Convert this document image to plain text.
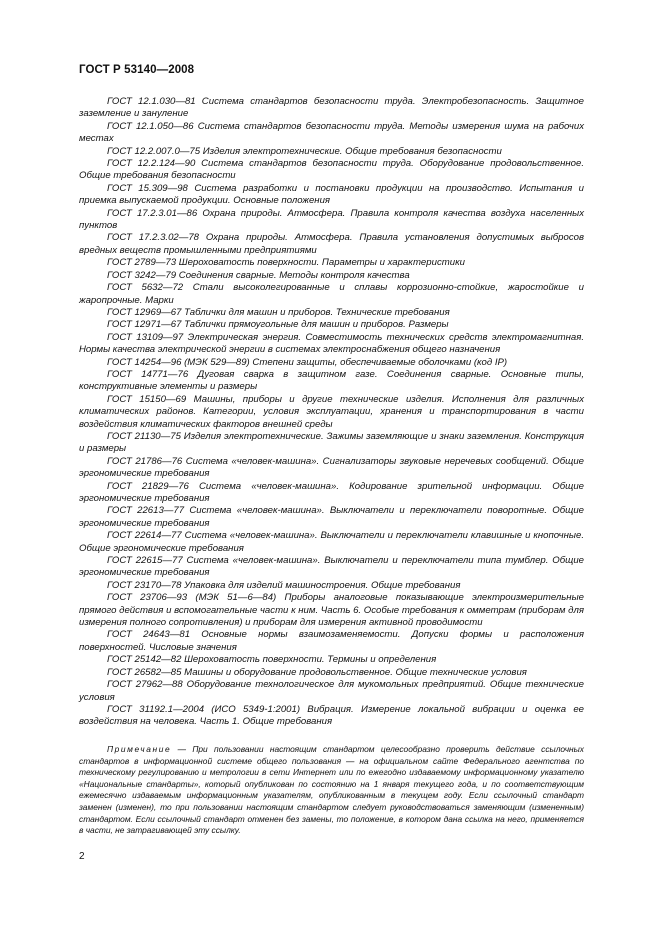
ГОСТ Р 53140—2008

ГОСТ 12.1.030—81 Система стандартов безопасности труда. Электробезопасность. Защитное заземление и зануление

ГОСТ 12.1.050—86 Система стандартов безопасности труда. Методы измерения шума на рабочих местах

ГОСТ 12.2.007.0—75 Изделия электротехнические. Общие требования безопасности

ГОСТ 12.2.124—90 Система стандартов безопасности труда. Оборудование продовольственное. Общие требования безопасности

ГОСТ 15.309—98 Система разработки и постановки продукции на производство. Испытания и приемка выпускаемой продукции. Основные положения

ГОСТ 17.2.3.01—86 Охрана природы. Атмосфера. Правила контроля качества воздуха населенных пунктов

ГОСТ 17.2.3.02—78 Охрана природы. Атмосфера. Правила установления допустимых выбросов вредных веществ промышленными предприятиями

ГОСТ 2789—73 Шероховатость поверхности. Параметры и характеристики

ГОСТ 3242—79 Соединения сварные. Методы контроля качества

ГОСТ 5632—72 Стали высоколегированные и сплавы коррозионно-стойкие, жаростойкие и жаропрочные. Марки

ГОСТ 12969—67 Таблички для машин и приборов. Технические требования

ГОСТ 12971—67 Таблички прямоугольные для машин и приборов. Размеры

ГОСТ 13109—97 Электрическая энергия. Совместимость технических средств электромагнитная. Нормы качества электрической энергии в системах электроснабжения общего назначения

ГОСТ 14254—96 (МЭК 529—89) Степени защиты, обеспечиваемые оболочками (код IP)

ГОСТ 14771—76 Дуговая сварка в защитном газе. Соединения сварные. Основные типы, конструктивные элементы и размеры

ГОСТ 15150—69 Машины, приборы и другие технические изделия. Исполнения для различных климатических районов. Категории, условия эксплуатации, хранения и транспортирования в части воздействия климатических факторов внешней среды

ГОСТ 21130—75 Изделия электротехнические. Зажимы заземляющие и знаки заземления. Конструкция и размеры

ГОСТ 21786—76 Система «человек-машина». Сигнализаторы звуковые неречевых сообщений. Общие эргономические требования

ГОСТ 21829—76 Система «человек-машина». Кодирование зрительной информации. Общие эргономические требования

ГОСТ 22613—77 Система «человек-машина». Выключатели и переключатели поворотные. Общие эргономические требования

ГОСТ 22614—77 Система «человек-машина». Выключатели и переключатели клавишные и кнопочные. Общие эргономические требования

ГОСТ 22615—77 Система «человек-машина». Выключатели и переключатели типа тумблер. Общие эргономические требования

ГОСТ 23170—78 Упаковка для изделий машиностроения. Общие требования

ГОСТ 23706—93 (МЭК 51—6—84) Приборы аналоговые показывающие электроизмерительные прямого действия и вспомогательные части к ним. Часть 6. Особые требования к омметрам (приборам для измерения полного сопротивления) и приборам для измерения активной проводимости

ГОСТ 24643—81 Основные нормы взаимозаменяемости. Допуски формы и расположения поверхностей. Числовые значения

ГОСТ 25142—82 Шероховатость поверхности. Термины и определения

ГОСТ 26582—85 Машины и оборудование продовольственное. Общие технические условия

ГОСТ 27962—88 Оборудование технологическое для мукомольных предприятий. Общие технические условия

ГОСТ 31192.1—2004 (ИСО 5349-1:2001) Вибрация. Измерение локальной вибрации и оценка ее воздействия на человека. Часть 1. Общие требования

Примечание — При пользовании настоящим стандартом целесообразно проверить действие ссылочных стандартов в информационной системе общего пользования — на официальном сайте Федерального агентства по техническому регулированию и метрологии в сети Интернет или по ежегодно издаваемому информационному указателю «Национальные стандарты», который опубликован по состоянию на 1 января текущего года, и по соответствующим ежемесячно издаваемым информационным указателям, опубликованным в текущем году. Если ссылочный стандарт заменен (изменен), то при пользовании настоящим стандартом следует руководствоваться заменяющим (измененным) стандартом. Если ссылочный стандарт отменен без замены, то положение, в котором дана ссылка на него, применяется в части, не затрагивающей эту ссылку.

2
